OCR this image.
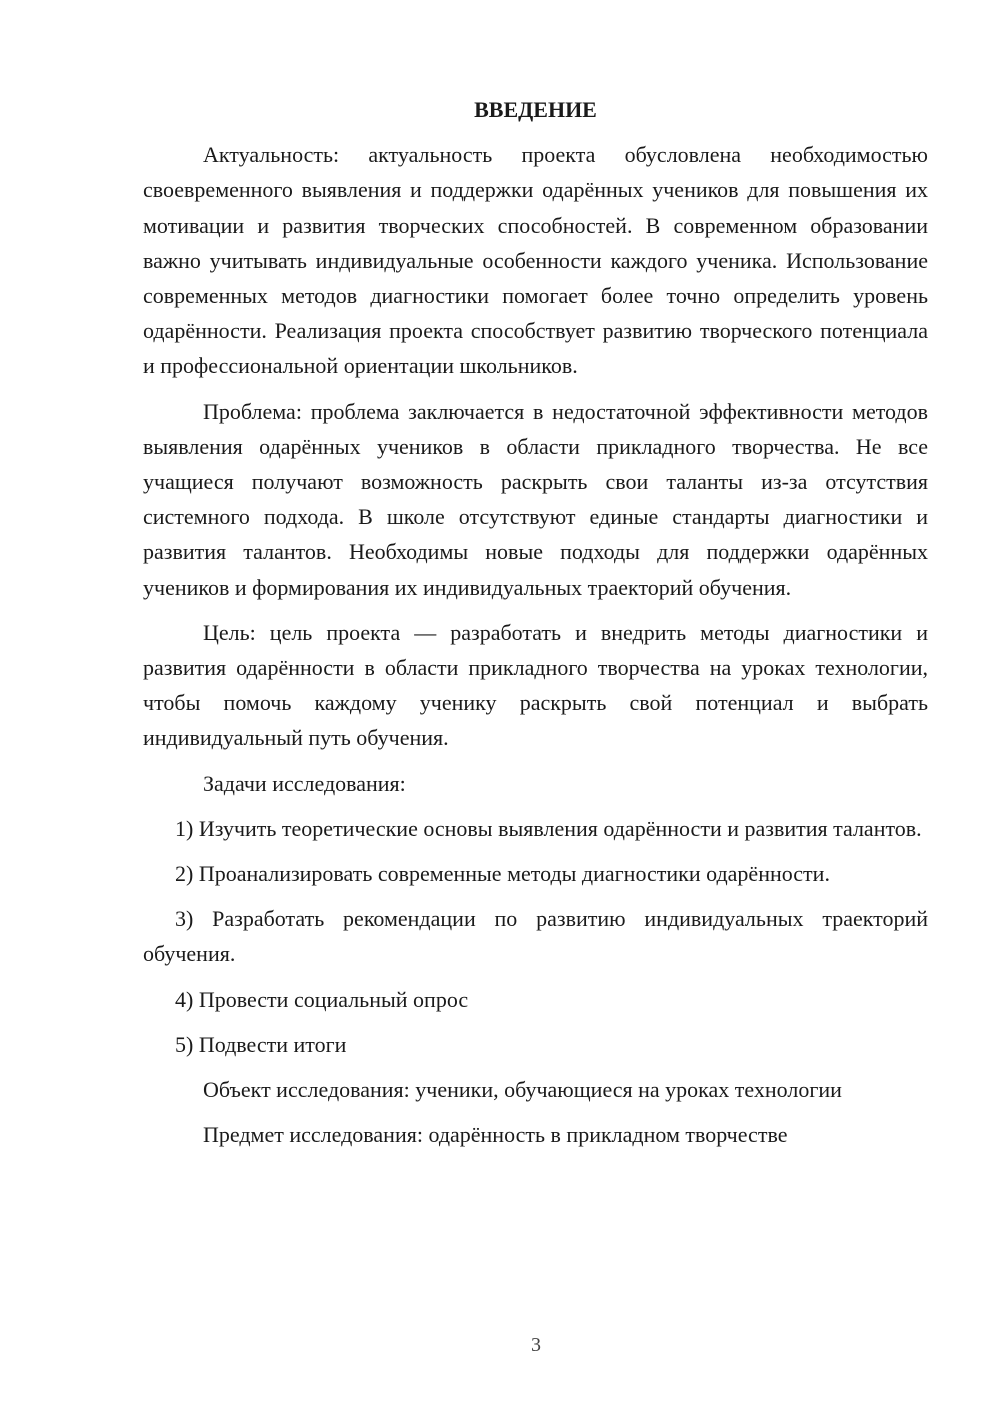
ВВЕДЕНИЕ

Актуальность: актуальность проекта обусловлена необходимостью своевременного выявления и поддержки одарённых учеников для повышения их мотивации и развития творческих способностей. В современном образовании важно учитывать индивидуальные особенности каждого ученика. Использование современных методов диагностики помогает более точно определить уровень одарённости. Реализация проекта способствует развитию творческого потенциала и профессиональной ориентации школьников.

Проблема: проблема заключается в недостаточной эффективности методов выявления одарённых учеников в области прикладного творчества. Не все учащиеся получают возможность раскрыть свои таланты из-за отсутствия системного подхода. В школе отсутствуют единые стандарты диагностики и развития талантов. Необходимы новые подходы для поддержки одарённых учеников и формирования их индивидуальных траекторий обучения.

Цель: цель проекта — разработать и внедрить методы диагностики и развития одарённости в области прикладного творчества на уроках технологии, чтобы помочь каждому ученику раскрыть свой потенциал и выбрать индивидуальный путь обучения.

Задачи исследования:

1) Изучить теоретические основы выявления одарённости и развития талантов.

2) Проанализировать современные методы диагностики одарённости.

3) Разработать рекомендации по развитию индивидуальных траекторий обучения.

4) Провести социальный опрос

5) Подвести итоги

Объект исследования: ученики, обучающиеся на уроках технологии

Предмет исследования: одарённость в прикладном творчестве

3
